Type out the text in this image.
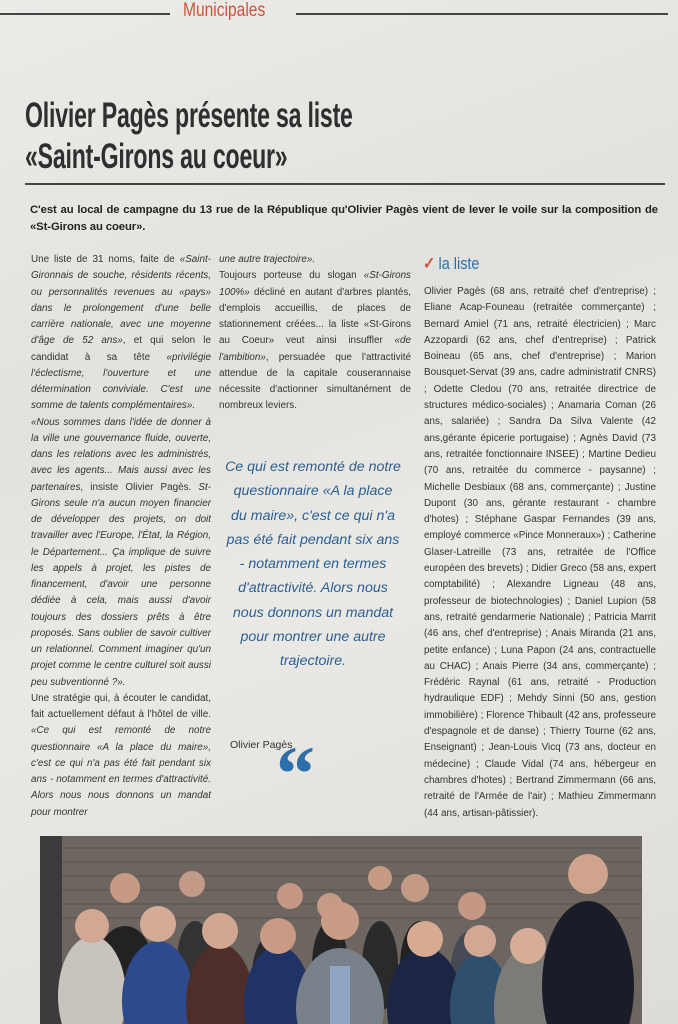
Municipales
Olivier Pagès présente sa liste
«Saint-Girons au coeur»
C'est au local de campagne du 13 rue de la République qu'Olivier Pagès vient de lever le voile sur la composition de «St-Girons au coeur».

Une liste de 31 noms, faite de «Saint-Gironnais de souche, résidents récents, ou personnalités revenues au «pays» dans le prolongement d'une belle carrière nationale, avec une moyenne d'âge de 52 ans», et qui selon le candidat à sa tête «privilégie l'éclectisme, l'ouverture et une détermination conviviale. C'est une somme de talents complémentaires».

«Nous sommes dans l'idée de donner à la ville une gouvernance fluide, ouverte, dans les relations avec les administrés, avec les agents... Mais aussi avec les partenaires, insiste Olivier Pagès. St-Girons seule n'a aucun moyen financier de développer des projets, on doit travailler avec l'Europe, l'État, la Région, le Département... Ça implique de suivre les appels à projet, les pistes de financement, d'avoir une personne dédiée à cela, mais aussi d'avoir toujours des dossiers prêts à être proposés. Sans oublier de savoir cultiver un relationnel. Comment imaginer qu'un projet comme le centre culturel soit aussi peu subventionné ?».

Une stratégie qui, à écouter le candidat, fait actuellement défaut à l'hôtel de ville. «Ce qui est remonté de notre questionnaire «A la place du maire», c'est ce qui n'a pas été fait pendant six ans - notamment en termes d'attractivité. Alors nous nous donnons un mandat pour montrer

une autre trajectoire».

Toujours porteuse du slogan «St-Girons 100%» décliné en autant d'arbres plantés, d'emplois accueillis, de places de stationnement créées... la liste «St-Girons au Coeur» veut ainsi insuffler «de l'ambition», persuadée que l'attractivité attendue de la capitale couserannaise nécessite d'actionner simultanément de nombreux leviers.

Ce qui est remonté de notre questionnaire «A la place du maire», c'est ce qui n'a pas été fait pendant six ans - notamment en termes d'attractivité. Alors nous nous donnons un mandat pour montrer une autre trajectoire.
Olivier Pagès
“
✓ la liste
Olivier Pagès (68 ans, retraité chef d'entreprise) ; Eliane Acap-Founeau (retraitée commerçante) ; Bernard Amiel (71 ans, retraité électricien) ; Marc Azzopardi (62 ans, chef d'entreprise) ; Patrick Boineau (65 ans, chef d'entreprise) ; Marion Bousquet-Servat (39 ans, cadre administratif CNRS) ; Odette Cledou (70 ans, retraitée directrice de structures médico-sociales) ; Anamaria Coman (26 ans, salariée) ; Sandra Da Silva Valente (42 ans,gérante épicerie portugaise) ; Agnès David (73 ans, retraitée fonctionnaire INSEE) ; Martine Dedieu (70 ans, retraitée du commerce - paysanne) ; Michelle Desbiaux (68 ans, commerçante) ; Justine Dupont (30 ans, gérante restaurant - chambre d'hotes) ; Stéphane Gaspar Fernandes (39 ans, employé commerce «Pince Monneraux») ; Catherine Glaser-Latreille (73 ans, retraitée de l'Office européen des brevets) ; Didier Greco (58 ans, expert comptabilité) ; Alexandre Ligneau (48 ans, professeur de biotechnologies) ; Daniel Lupion (58 ans, retraité gendarmerie Nationale) ; Patricia Marrit (46 ans, chef d'entreprise) ; Anais Miranda (21 ans, petite enfance) ; Luna Papon (24 ans, contractuelle au CHAC) ; Anais Pierre (34 ans, commerçante) ; Frédéric Raynal (61 ans, retraité - Production hydraulique EDF) ; Mehdy Sinni (50 ans, gestion immobilière) ; Florence Thibault (42 ans, professeure d'espagnole et de danse) ; Thierry Tourne (62 ans, Enseignant) ; Jean-Louis Vicq (73 ans, docteur en médecine) ; Claude Vidal (74 ans, hébergeur en chambres d'hotes) ; Bertrand Zimmermann (66 ans, retraité de l'Armée de l'air) ; Mathieu Zimmermann (44 ans, artisan-pâtissier).
